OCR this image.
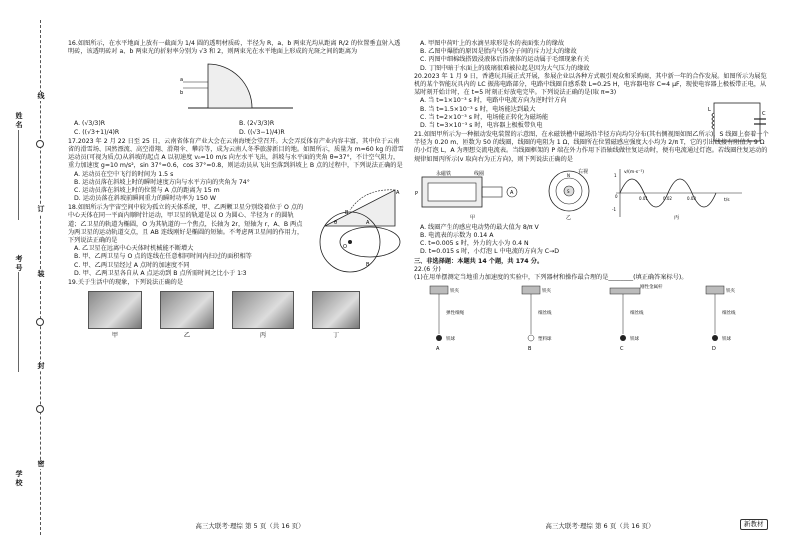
线
订
装
封
密
姓名
考号
学校
16.如图所示，在水平地面上放有一截面为 1/4 圆的透明材质砖，半径为 R，a、b 两束光均从距离 R/2 的位置垂直射入透明砖，该透明砖对 a、b 两束光的折射率分别为 √3 和 2，则两束光在水平地面上形成的光斑之间的距离为
a
b
A. (√3/3)R	B. (2√3/3)R
C. ((√3+1)/4)R	D. ((√3−1)/4)R
17.2023 年 2 月 22 日至 25 日，云南省体育产业大会在云南海埂会堂召开。大会弄反体育产业内容丰富，其中位于云南省的滑雪场、国然漂流、高空滑翔、滑翔伞、攀岩等，成为云南人冬季旅游新目的地。如图所示，质量为 m=60 kg 的滑雪运动员(可视为质点)从斜坡的起点 A 以初速度 v₀=10 m/s 向左水平飞出，斜坡与水平面的夹角 θ=37°，不计空气阻力，重力加速度 g=10 m/s²，sin 37°=0.6，cos 37°=0.8，则运动员从飞出至落到斜坡上 B 点的过程中，下列说法正确的是
A. 运动员在空中飞行的时间为 1.5 s
B. 运动员落在斜坡上时的瞬时速度方向与水平方向的夹角为 74°
C. 运动员落在斜坡上时的位置与 A 点的距离为 15 m
D. 运动员落在斜坡前瞬间重力的瞬时功率为 150 W
A
B
θ
18.如图所示为宇宙空间中较为孤立的天体系统，甲、乙两颗卫星分别绕着位于 O 点的中心天体在同一平面内顺时针运动，甲卫星的轨道是以 O 为圆心、半径为 r 的圆轨道；乙卫星的轨道为椭圆，O 为其轨道的一个焦点，长轴为 2r，短轴为 r，A、B 两点为两卫星的运动轨道交点，且 AB 连线刚好是椭圆的短轴。不考虑两卫星间的作用力，下列说法正确的是
A. 乙卫星在远离中心天体时机械能不断增大
B. 甲、乙两卫星与 O 点的连线在任意相同时间内扫过的面积相等
C. 甲、乙两卫星经过 A 点时的加速度不同
D. 甲、乙两卫星各自从 A 点运动到 B 点所需时间之比小于 1∶3
O
A
B
19.关于生活中的现象，下列说法正确的是
甲	乙	丙	丁
A. 甲图中荷叶上的水滴呈球形是水的表面张力的缘故
B. 乙图中爆胎的原因是胎内气体分子间的斥力过大的缘故
C. 丙图中细棉线搭毁浸液体后沿液体的运动属于毛细现象有关
D. 丁图中暗于水面上的玻璃很难被拉起是因为大气压力的缘故
20.2023 年 1 月 9 日，香港玩具展正式开展，参展企业以各种方式吸引观众和采购商，其中新一年的合作发展。如图所示为展览机的某个智能玩具内的 LC 振荡电路部分，电路中线圈自感系数 L=0.25 H，电容器电容 C=4 μF，现使电容器上极板带正电，从某时刻开始计时，在 t=5 时刻正好放电完毕。下列说法正确的是(取 π=3)
A. 当 t=1×10⁻³ s 时，电路中电流方向为逆时针方向
B. 当 t=1.5×10⁻³ s 时，电场能达到最大
C. 当 t=2×10⁻³ s 时，电场能正转化为磁场能
D. 当 t=3×10⁻³ s 时，电容器上极板带负电
L
C
21.如图甲所示为一种振动发电装置的示意图，在永磁铁槽中磁场沿半径方向均匀分布(其右侧视图如图乙所示)，S 线圈上套着一个半径为 0.20 m、匝数为 50 的线圈，线圈的电阻为 1 Ω，线圈所在位置磁感应强度大小均为 2/π T，它的引出线接有阻值为 9 Ω 的小灯泡 L，A 为理想交流电流表。当线圈框架的 P 端在外力作用下沿轴线做往复运动时，便有电流通过灯泡。若线圈往复运动的规律如图丙所示(v 取向右为正方向)，则下列说法正确的是
A
P
永磁铁	线圈
甲
右视
S
N
乙
v/(m·s⁻¹)
t/s
1
-1
0	0.01	0.02	0.03
丙
A. 线圈产生的感应电动势的最大值为 8/π V
B. 电流表的示数为 0.14 A
C. t=0.005 s 时，外力的大小为 0.4 N
D. t=0.015 s 时，小灯泡 L 中电流的方向为 C→D
三、非选择题：本题共 14 个题，共 174 分。
22.(6 分)
(1)在用单摆测定当地重力加速度的实验中，下列器材和操作最合理的是________(填正确答案标号)。
铁夹
弹性细绳
铁球
A
铁夹
细丝线
塑料球
B
刚性金属杆
细丝线
铁球
C
铁夹
细丝线
铁球
D
高三大联考·理综 第 5 页（共 16 页）	高三大联考·理综 第 6 页（共 16 页）	新教材
